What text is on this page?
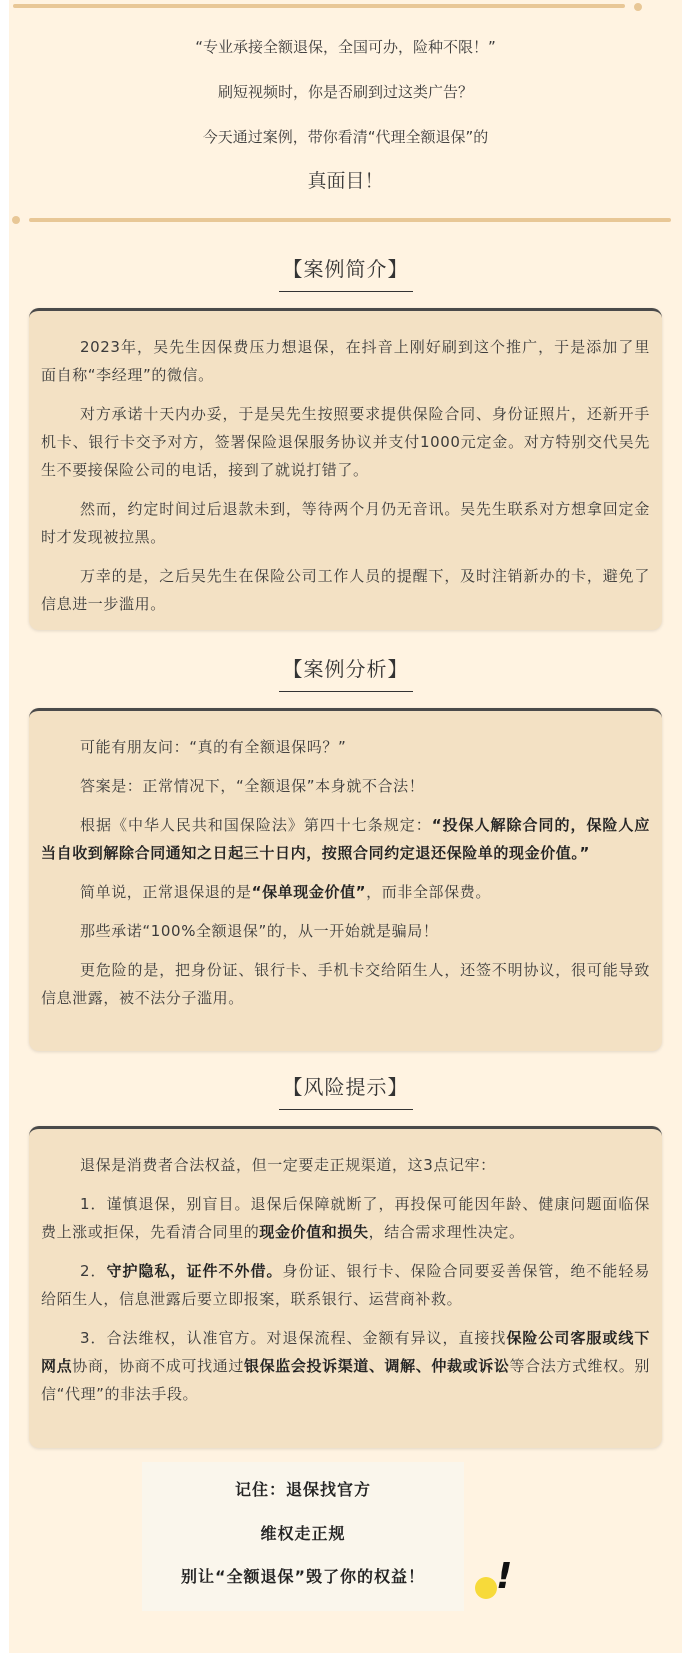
“专业承接全额退保，全国可办，险种不限！”

刷短视频时，你是否刷到过这类广告？

今天通过案例，带你看清“代理全额退保”的

真面目！

【案例简介】

2023年，吴先生因保费压力想退保，在抖音上刚好刷到这个推广，于是添加了里面自称“李经理”的微信。

对方承诺十天内办妥，于是吴先生按照要求提供保险合同、身份证照片，还新开手机卡、银行卡交予对方，签署保险退保服务协议并支付1000元定金。对方特别交代吴先生不要接保险公司的电话，接到了就说打错了。

然而，约定时间过后退款未到，等待两个月仍无音讯。吴先生联系对方想拿回定金时才发现被拉黑。

万幸的是，之后吴先生在保险公司工作人员的提醒下，及时注销新办的卡，避免了信息进一步滥用。

【案例分析】

可能有朋友问：“真的有全额退保吗？”

答案是：正常情况下，“全额退保”本身就不合法！

根据《中华人民共和国保险法》第四十七条规定：“投保人解除合同的，保险人应当自收到解除合同通知之日起三十日内，按照合同约定退还保险单的现金价值。”

简单说，正常退保退的是“保单现金价值”，而非全部保费。

那些承诺“100%全额退保”的，从一开始就是骗局！

更危险的是，把身份证、银行卡、手机卡交给陌生人，还签不明协议，很可能导致信息泄露，被不法分子滥用。

【风险提示】

退保是消费者合法权益，但一定要走正规渠道，这3点记牢：

1．谨慎退保，别盲目。退保后保障就断了，再投保可能因年龄、健康问题面临保费上涨或拒保，先看清合同里的现金价值和损失，结合需求理性决定。

2．守护隐私，证件不外借。身份证、银行卡、保险合同要妥善保管，绝不能轻易给陌生人，信息泄露后要立即报案，联系银行、运营商补救。

3．合法维权，认准官方。对退保流程、金额有异议，直接找保险公司客服或线下网点协商，协商不成可找通过银保监会投诉渠道、调解、仲裁或诉讼等合法方式维权。别信“代理”的非法手段。

记住：退保找官方

维权走正规

别让“全额退保”毁了你的权益！	!
